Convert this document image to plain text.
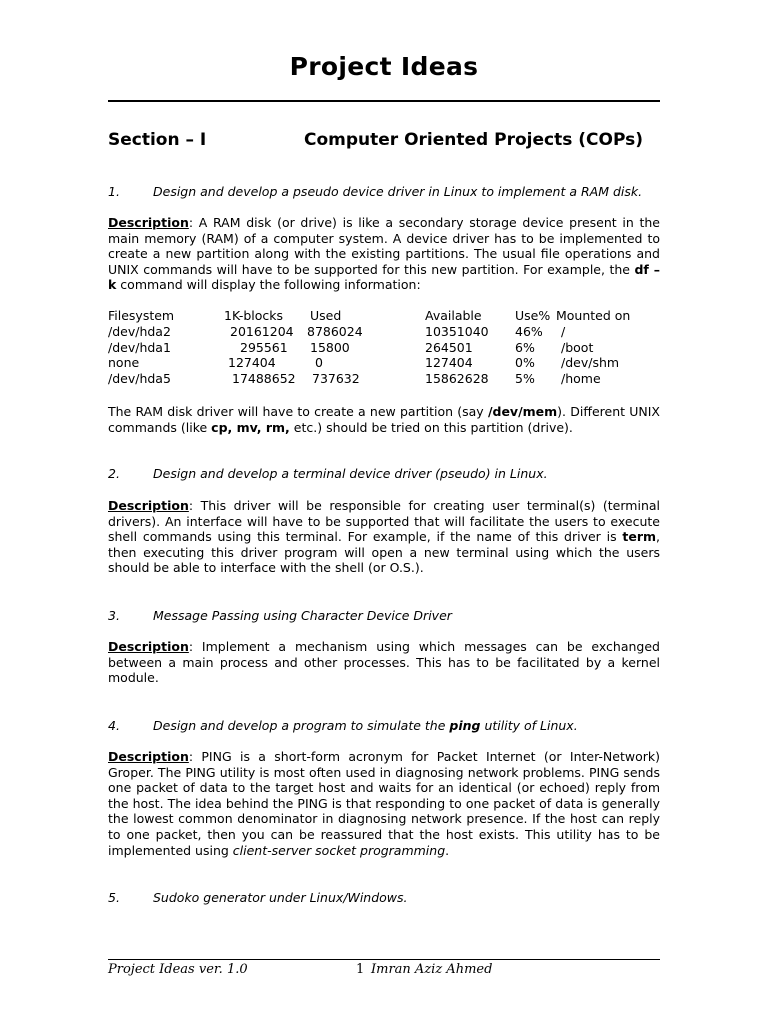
Project Ideas
Section – I	Computer Oriented Projects (COPs)
1.	Design and develop a pseudo device driver in Linux to implement a RAM disk.
Description: A RAM disk (or drive) is like a secondary storage device present in the main memory (RAM) of a computer system. A device driver has to be implemented to create a new partition along with the existing partitions. The usual file operations and UNIX commands will have to be supported for this new partition. For example, the df –k command will display the following information:
Filesystem	1K-blocks Used	Available	Use% Mounted on
/dev/hda2	20161204 8786024	10351040 46% /
/dev/hda1	295561 15800	264501	6% /boot
none	127404	0	127404	0% /dev/shm
/dev/hda5	17488652 737632	15862628 5% /home
The RAM disk driver will have to create a new partition (say /dev/mem). Different UNIX commands (like cp, mv, rm, etc.) should be tried on this partition (drive).
2.	Design and develop a terminal device driver (pseudo) in Linux.
Description: This driver will be responsible for creating user terminal(s) (terminal drivers). An interface will have to be supported that will facilitate the users to execute shell commands using this terminal. For example, if the name of this driver is term, then executing this driver program will open a new terminal using which the users should be able to interface with the shell (or O.S.).
3.	Message Passing using Character Device Driver
Description: Implement a mechanism using which messages can be exchanged between a main process and other processes. This has to be facilitated by a kernel module.
4.	Design and develop a program to simulate the ping utility of Linux.
Description: PING is a short-form acronym for Packet Internet (or Inter-Network) Groper. The PING utility is most often used in diagnosing network problems. PING sends one packet of data to the target host and waits for an identical (or echoed) reply from the host. The idea behind the PING is that responding to one packet of data is generally the lowest common denominator in diagnosing network presence. If the host can reply to one packet, then you can be reassured that the host exists. This utility has to be implemented using client-server socket programming.
5.	Sudoko generator under Linux/Windows.
Project Ideas ver. 1.0	1 Imran Aziz Ahmed
